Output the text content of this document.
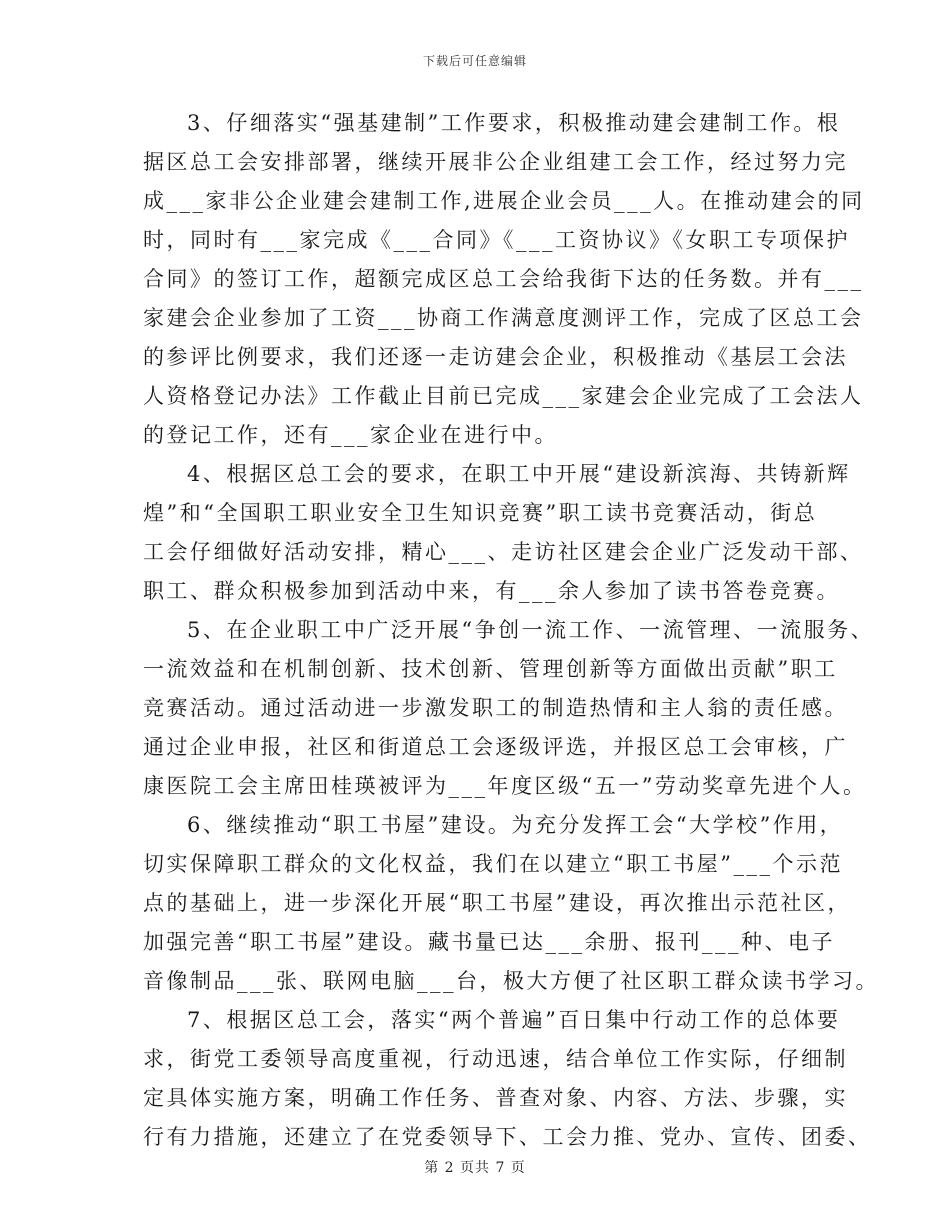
下载后可任意编辑
3、仔细落实“强基建制”工作要求，积极推动建会建制工作。根
据区总工会安排部署，继续开展非公企业组建工会工作，经过努力完
成___家非公企业建会建制工作,进展企业会员___人。在推动建会的同
时，同时有___家完成《___合同》《___工资协议》《女职工专项保护
合同》的签订工作，超额完成区总工会给我街下达的任务数。并有___
家建会企业参加了工资___协商工作满意度测评工作，完成了区总工会
的参评比例要求，我们还逐一走访建会企业，积极推动《基层工会法
人资格登记办法》工作截止目前已完成___家建会企业完成了工会法人
的登记工作，还有___家企业在进行中。
4、根据区总工会的要求，在职工中开展“建设新滨海、共铸新辉
煌”和“全国职工职业安全卫生知识竞赛”职工读书竞赛活动，街总
工会仔细做好活动安排，精心___、走访社区建会企业广泛发动干部、
职工、群众积极参加到活动中来，有___余人参加了读书答卷竞赛。
5、在企业职工中广泛开展“争创一流工作、一流管理、一流服务、
一流效益和在机制创新、技术创新、管理创新等方面做出贡献”职工
竞赛活动。通过活动进一步激发职工的制造热情和主人翁的责任感。
通过企业申报，社区和街道总工会逐级评选，并报区总工会审核，广
康医院工会主席田桂瑛被评为___年度区级“五一”劳动奖章先进个人。
6、继续推动“职工书屋”建设。为充分发挥工会“大学校”作用，
切实保障职工群众的文化权益，我们在以建立“职工书屋”___个示范
点的基础上，进一步深化开展“职工书屋”建设，再次推出示范社区，
加强完善“职工书屋”建设。藏书量已达___余册、报刊___种、电子
音像制品___张、联网电脑___台，极大方便了社区职工群众读书学习。
7、根据区总工会，落实“两个普遍”百日集中行动工作的总体要
求，街党工委领导高度重视，行动迅速，结合单位工作实际，仔细制
定具体实施方案，明确工作任务、普查对象、内容、方法、步骤，实
行有力措施，还建立了在党委领导下、工会力推、党办、宣传、团委、
第 2 页共 7 页
